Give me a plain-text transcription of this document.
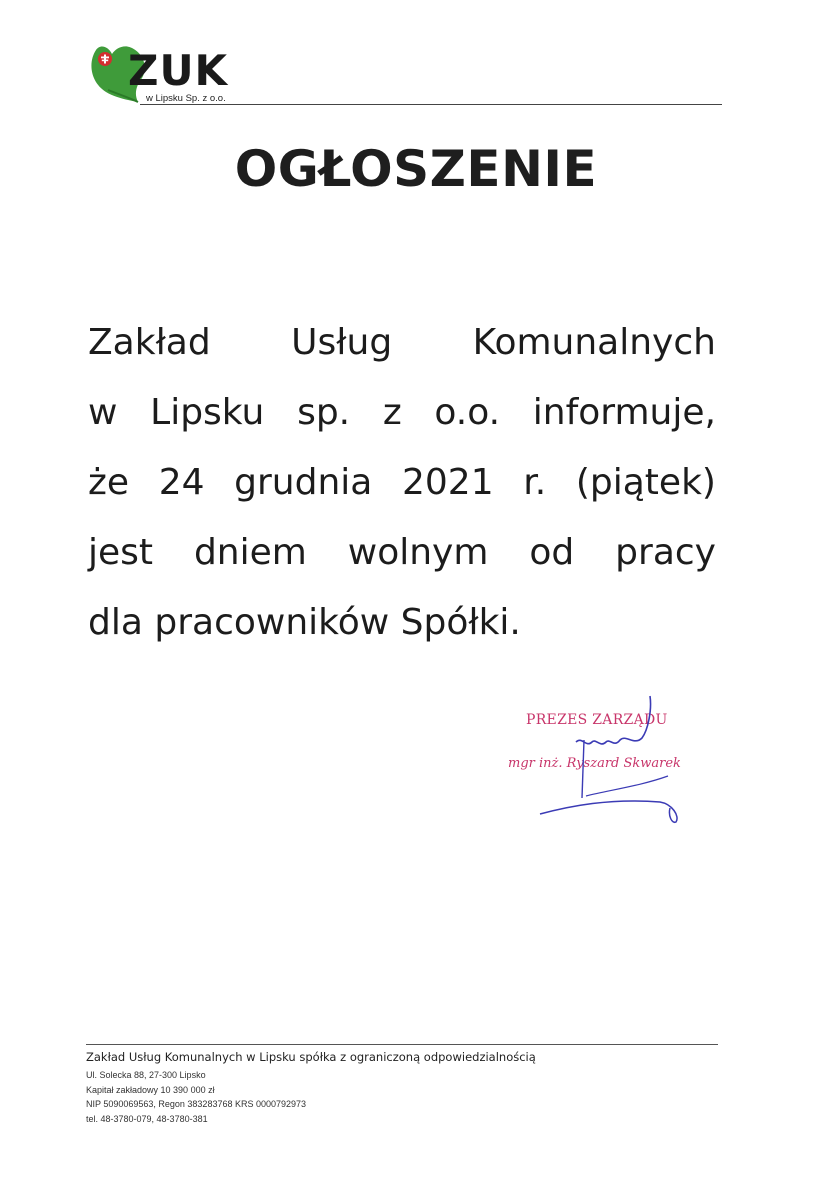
ZUK
w Lipsku Sp. z o.o.
OGŁOSZENIE
Zakład Usług Komunalnych
w Lipsku sp. z o.o. informuje,
że 24 grudnia 2021 r. (piątek)
jest dniem wolnym od pracy
dla pracowników Spółki.
PREZES ZARZĄDU
mgr inż. Ryszard Skwarek

Zakład Usług Komunalnych w Lipsku spółka z ograniczoną odpowiedzialnością

Ul. Solecka 88, 27-300 Lipsko

Kapitał zakładowy 10 390 000 zł

NIP 5090069563, Regon 383283768 KRS 0000792973

tel. 48-3780-079, 48-3780-381
